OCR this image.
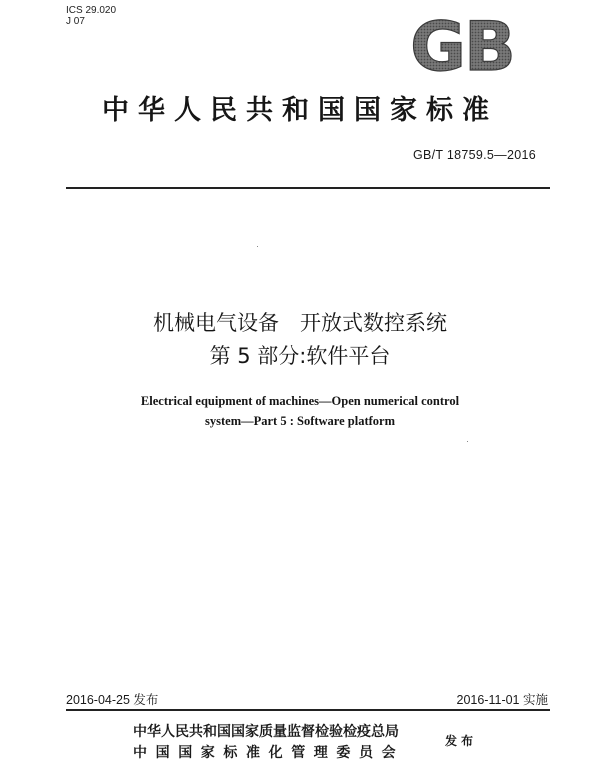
ICS 29.020
J 07	GB
中华人民共和国国家标准
GB/T 18759.5—2016
机械电气设备　开放式数控系统
第 5 部分:软件平台
Electrical equipment of machines—Open numerical control
system—Part 5 : Software platform
2016-04-25 发布	2016-11-01 实施
中华人民共和国国家质量监督检验检疫总局
中国国家标准化管理委员会
发布
